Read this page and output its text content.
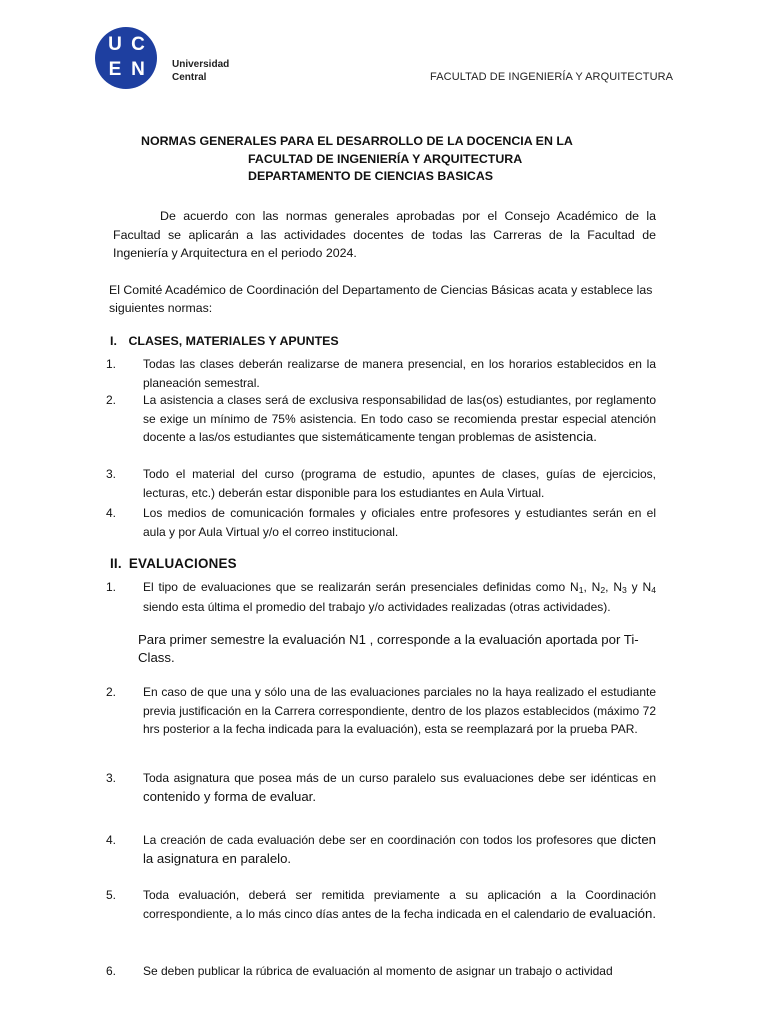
U C
E N	Universidad
Central	FACULTAD DE INGENIERÍA Y ARQUITECTURA
NORMAS GENERALES PARA EL DESARROLLO DE LA DOCENCIA EN LA
FACULTAD DE INGENIERÍA Y ARQUITECTURA
DEPARTAMENTO DE CIENCIAS BASICAS

De acuerdo con las normas generales aprobadas por el Consejo Académico de la Facultad se aplicarán a las actividades docentes de todas las Carreras de la Facultad de Ingeniería y Arquitectura en el periodo 2024.

El Comité Académico de Coordinación del Departamento de Ciencias Básicas acata y establece las siguientes normas:

I. CLASES, MATERIALES Y APUNTES
1.	Todas las clases deberán realizarse de manera presencial, en los horarios establecidos en la planeación semestral.
2.	La asistencia a clases será de exclusiva responsabilidad de las(os) estudiantes, por reglamento se exige un mínimo de 75% asistencia. En todo caso se recomienda prestar especial atención docente a las/os estudiantes que sistemáticamente tengan problemas de asistencia.
3.	Todo el material del curso (programa de estudio, apuntes de clases, guías de ejercicios, lecturas, etc.) deberán estar disponible para los estudiantes en Aula Virtual.
4.	Los medios de comunicación formales y oficiales entre profesores y estudiantes serán en el aula y por Aula Virtual y/o el correo institucional.
II. EVALUACIONES
1.	El tipo de evaluaciones que se realizarán serán presenciales definidas como $N_1$, $N_2$, $N_3$ y $N_4$ siendo esta última el promedio del trabajo y/o actividades realizadas (otras actividades).

Para primer semestre la evaluación N1 , corresponde a la evaluación aportada por Ti-Class.

2.	En caso de que una y sólo una de las evaluaciones parciales no la haya realizado el estudiante previa justificación en la Carrera correspondiente, dentro de los plazos establecidos (máximo 72 hrs posterior a la fecha indicada para la evaluación), esta se reemplazará por la prueba PAR.
3.	Toda asignatura que posea más de un curso paralelo sus evaluaciones debe ser idénticas en contenido y forma de evaluar.
4.	La creación de cada evaluación debe ser en coordinación con todos los profesores que dicten la asignatura en paralelo.
5.	Toda evaluación, deberá ser remitida previamente a su aplicación a la Coordinación correspondiente, a lo más cinco días antes de la fecha indicada en el calendario de evaluación.
6.	Se deben publicar la rúbrica de evaluación al momento de asignar un trabajo o actividad
